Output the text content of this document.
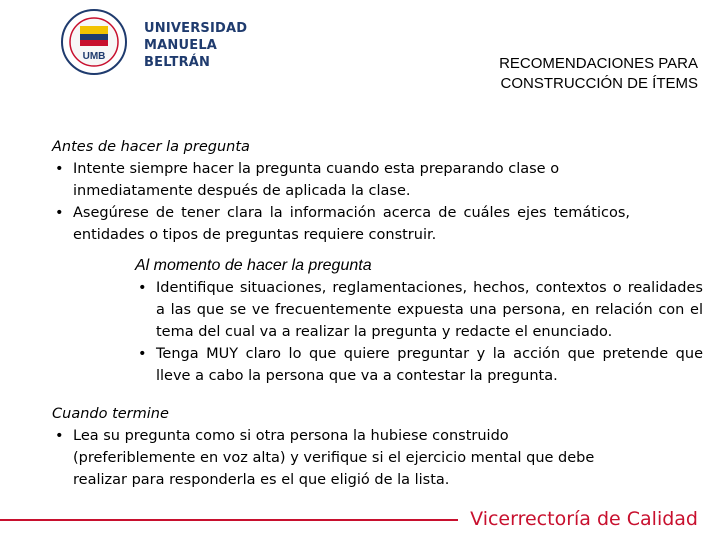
UMB
UNIVERSIDAD
MANUELA BELTRÁN	RECOMENDACIONES PARA
CONSTRUCCIÓN DE ÍTEMS
Antes de hacer la pregunta
• Intente siempre hacer la pregunta cuando esta preparando clase o inmediatamente después de aplicada la clase.
• Asegúrese de tener clara la información acerca de cuáles ejes temáticos, entidades o tipos de preguntas requiere construir.
Al momento de hacer la pregunta
• Identifique situaciones, reglamentaciones, hechos, contextos o realidades a las que se ve frecuentemente expuesta una persona, en relación con el tema del cual va a realizar la pregunta y redacte el enunciado.
• Tenga MUY claro lo que quiere preguntar y la acción que pretende que lleve a cabo la persona que va a contestar la pregunta.
Cuando termine
• Lea su pregunta como si otra persona la hubiese construido (preferiblemente en voz alta) y verifique si el ejercicio mental que debe realizar para responderla es el que eligió de la lista.
Vicerrectoría de Calidad
